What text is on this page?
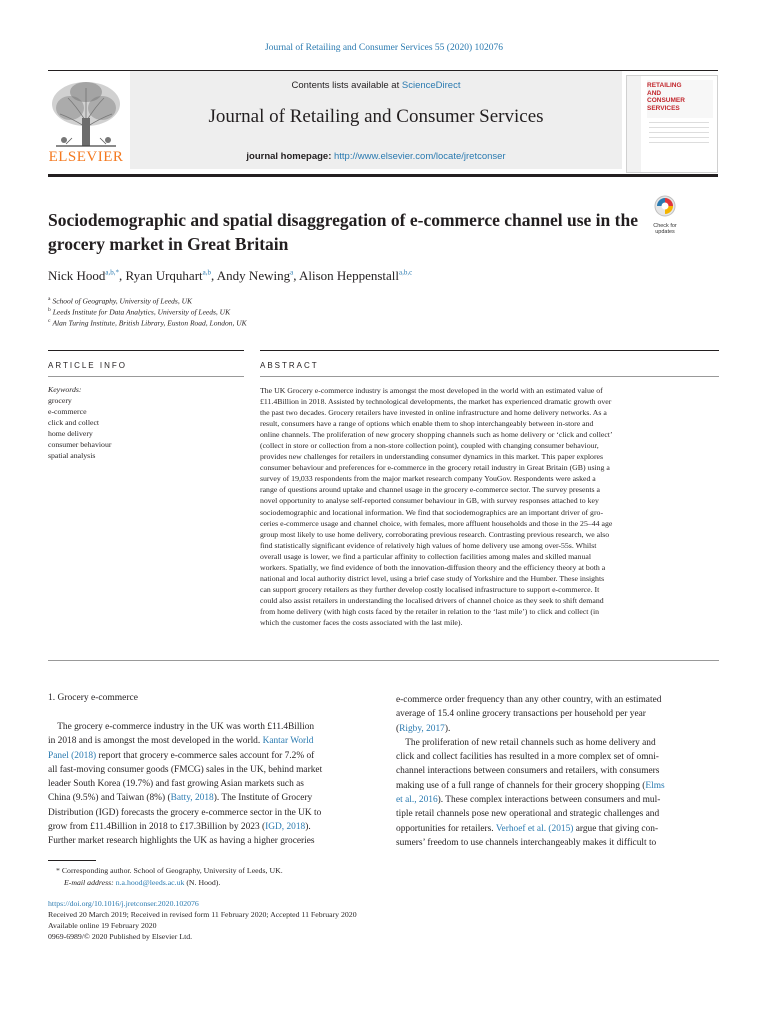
Journal of Retailing and Consumer Services 55 (2020) 102076
ELSEVIER
Contents lists available at ScienceDirect
Journal of Retailing and Consumer Services
journal homepage: http://www.elsevier.com/locate/jretconser
RETAILING
AND
CONSUMER
SERVICES
Sociodemographic and spatial disaggregation of e-commerce channel use in the grocery market in Great Britain
Check for
updates
Nick Hood$^{a,b,*}$, Ryan Urquhart$^{a,b}$, Andy Newing$^a$, Alison Heppenstall$^{a,b,c}$
$^a$ School of Geography, University of Leeds, UK
$^b$ Leeds Institute for Data Analytics, University of Leeds, UK
$^c$ Alan Turing Institute, British Library, Euston Road, London, UK
ARTICLE INFO	ABSTRACT
Keywords:
grocery
e-commerce
click and collect
home delivery
consumer behaviour
spatial analysis
The UK Grocery e-commerce industry is amongst the most developed in the world with an estimated value of
£11.4Billion in 2018. Assisted by technological developments, the market has experienced dramatic growth over
the past two decades. Grocery retailers have invested in online infrastructure and home delivery networks. As a
result, consumers have a range of options which enable them to shop interchangeably between in-store and
online channels. The proliferation of new grocery shopping channels such as home delivery or ‘click and collect’
(collect in store or collection from a non-store collection point), coupled with changing consumer behaviour,
provides new challenges for retailers in understanding consumer dynamics in this market. This paper explores
consumer behaviour and preferences for e-commerce in the grocery retail industry in Great Britain (GB) using a
survey of 19,033 respondents from the major market research company YouGov. Respondents were asked a
range of questions around uptake and channel usage in the grocery e-commerce sector. The survey presents a
novel opportunity to analyse self-reported consumer behaviour in GB, with survey responses attached to key
sociodemographic and locational information. We find that sociodemographics are an important driver of gro-
ceries e-commerce usage and channel choice, with females, more affluent households and those in the 25–44 age
group most likely to use home delivery, corroborating previous research. Contrasting previous research, we also
find statistically significant evidence of relatively high values of home delivery use among over-55s. Whilst
overall usage is lower, we find a particular affinity to collection facilities among males and skilled manual
workers. Spatially, we find evidence of both the innovation-diffusion theory and the efficiency theory at both a
national and local authority district level, using a brief case study of Yorkshire and the Humber. These insights
can support grocery retailers as they further develop costly localised infrastructure to support e-commerce. It
could also assist retailers in understanding the localised drivers of channel choice as they seek to shift demand
from home delivery (with high costs faced by the retailer in relation to the ‘last mile’) to click and collect (in
which the customer faces the costs associated with the last mile).
1. Grocery e-commerce
The grocery e-commerce industry in the UK was worth £11.4Billion
in 2018 and is amongst the most developed in the world. Kantar World
Panel (2018) report that grocery e-commerce sales account for 7.2% of
all fast-moving consumer goods (FMCG) sales in the UK, behind market
leader South Korea (19.7%) and fast growing Asian markets such as
China (9.5%) and Taiwan (8%) (Batty, 2018). The Institute of Grocery
Distribution (IGD) forecasts the grocery e-commerce sector in the UK to
grow from £11.4Billion in 2018 to £17.3Billion by 2023 (IGD, 2018).
Further market research highlights the UK as having a higher groceries
e-commerce order frequency than any other country, with an estimated
average of 15.4 online grocery transactions per household per year
(Rigby, 2017).
The proliferation of new retail channels such as home delivery and
click and collect facilities has resulted in a more complex set of omni-
channel interactions between consumers and retailers, with consumers
making use of a full range of channels for their grocery shopping (Elms
et al., 2016). These complex interactions between consumers and mul-
tiple retail channels pose new operational and strategic challenges and
opportunities for retailers. Verhoef et al. (2015) argue that giving con-
sumers’ freedom to use channels interchangeably makes it difficult to
* Corresponding author. School of Geography, University of Leeds, UK.
E-mail address: n.a.hood@leeds.ac.uk (N. Hood).
https://doi.org/10.1016/j.jretconser.2020.102076
Received 20 March 2019; Received in revised form 11 February 2020; Accepted 11 February 2020
Available online 19 February 2020
0969-6989/© 2020 Published by Elsevier Ltd.
